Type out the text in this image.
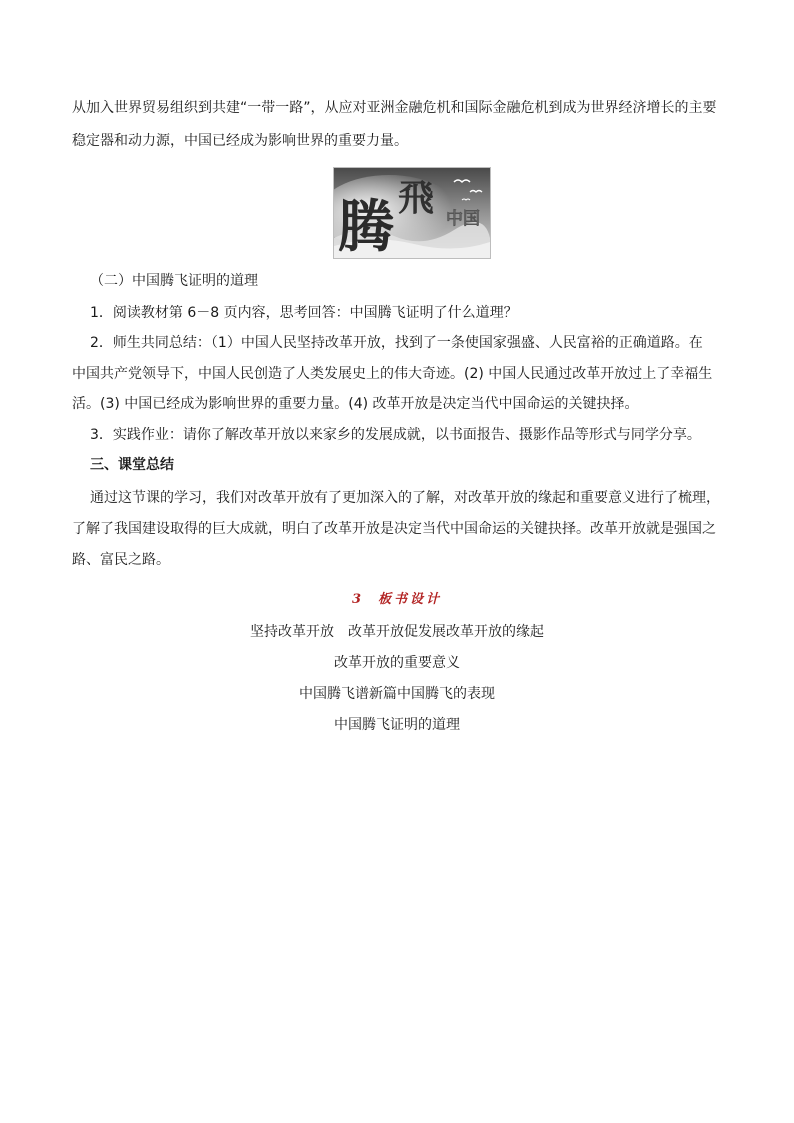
从加入世界贸易组织到共建“一带一路”，从应对亚洲金融危机和国际金融危机到成为世界经济增长的主要

稳定器和动力源，中国已经成为影响世界的重要力量。

腾 飛 中国

（二）中国腾飞证明的道理

1．阅读教材第 6－8 页内容，思考回答：中国腾飞证明了什么道理？

2．师生共同总结：（1）中国人民坚持改革开放，找到了一条使国家强盛、人民富裕的正确道路。在

中国共产党领导下，中国人民创造了人类发展史上的伟大奇迹。(2) 中国人民通过改革开放过上了幸福生

活。(3) 中国已经成为影响世界的重要力量。(4) 改革开放是决定当代中国命运的关键抉择。

3．实践作业：请你了解改革开放以来家乡的发展成就，以书面报告、摄影作品等形式与同学分享。

三、课堂总结

通过这节课的学习，我们对改革开放有了更加深入的了解，对改革开放的缘起和重要意义进行了梳理，

了解了我国建设取得的巨大成就，明白了改革开放是决定当代中国命运的关键抉择。改革开放就是强国之

路、富民之路。

3 板书设计

坚持改革开放　改革开放促发展改革开放的缘起

改革开放的重要意义

中国腾飞谱新篇中国腾飞的表现

中国腾飞证明的道理
